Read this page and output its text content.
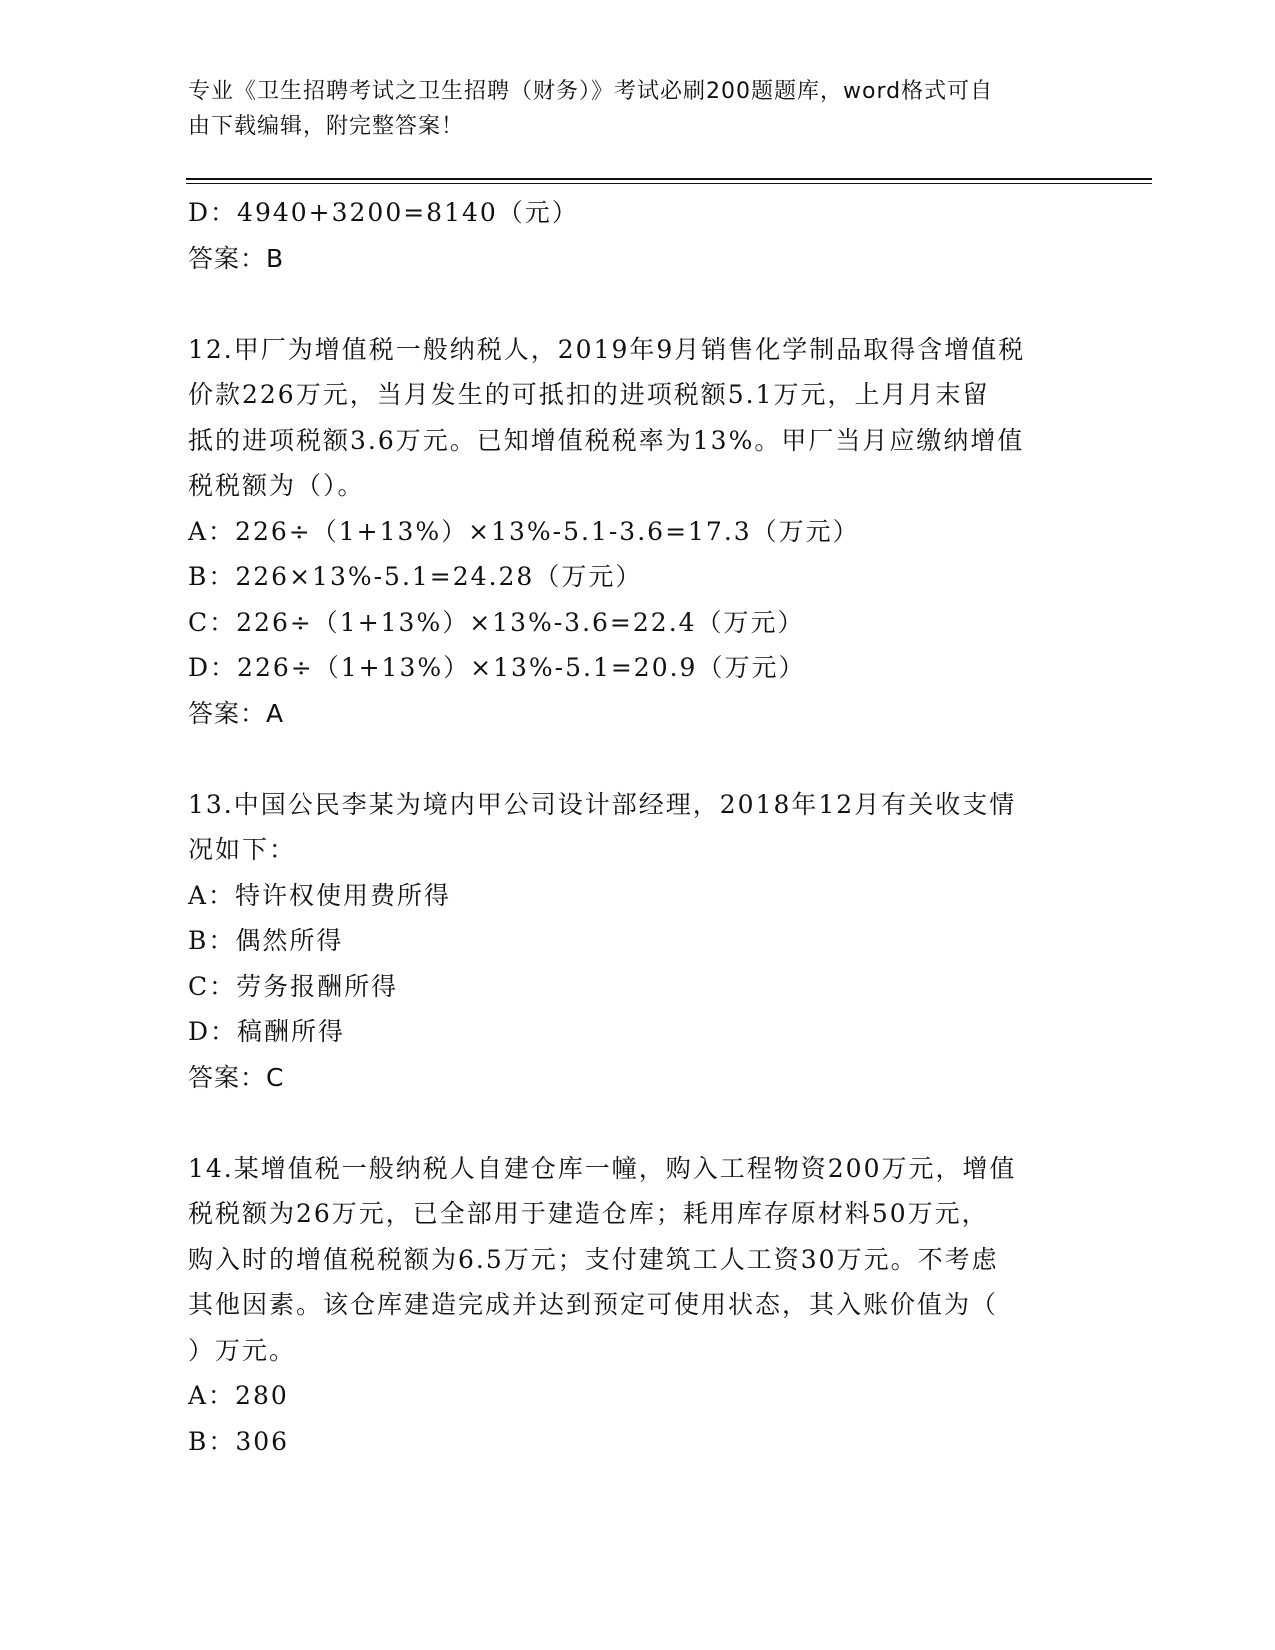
专业《卫生招聘考试之卫生招聘（财务）》考试必刷200题题库，word格式可自
由下载编辑，附完整答案！
D：4940+3200=8140（元）
答案：B
12.甲厂为增值税一般纳税人，2019年9月销售化学制品取得含增值税
价款226万元，当月发生的可抵扣的进项税额5.1万元，上月月末留
抵的进项税额3.6万元。已知增值税税率为13%。甲厂当月应缴纳增值
税税额为（）。
A：226÷（1+13%）×13%-5.1-3.6=17.3（万元）
B：226×13%-5.1=24.28（万元）
C：226÷（1+13%）×13%-3.6=22.4（万元）
D：226÷（1+13%）×13%-5.1=20.9（万元）
答案：A
13.中国公民李某为境内甲公司设计部经理，2018年12月有关收支情
况如下：
A：特许权使用费所得
B：偶然所得
C：劳务报酬所得
D：稿酬所得
答案：C
14.某增值税一般纳税人自建仓库一幢，购入工程物资200万元，增值
税税额为26万元，已全部用于建造仓库；耗用库存原材料50万元，
购入时的增值税税额为6.5万元；支付建筑工人工资30万元。不考虑
其他因素。该仓库建造完成并达到预定可使用状态，其入账价值为（
）万元。
A：280
B：306
